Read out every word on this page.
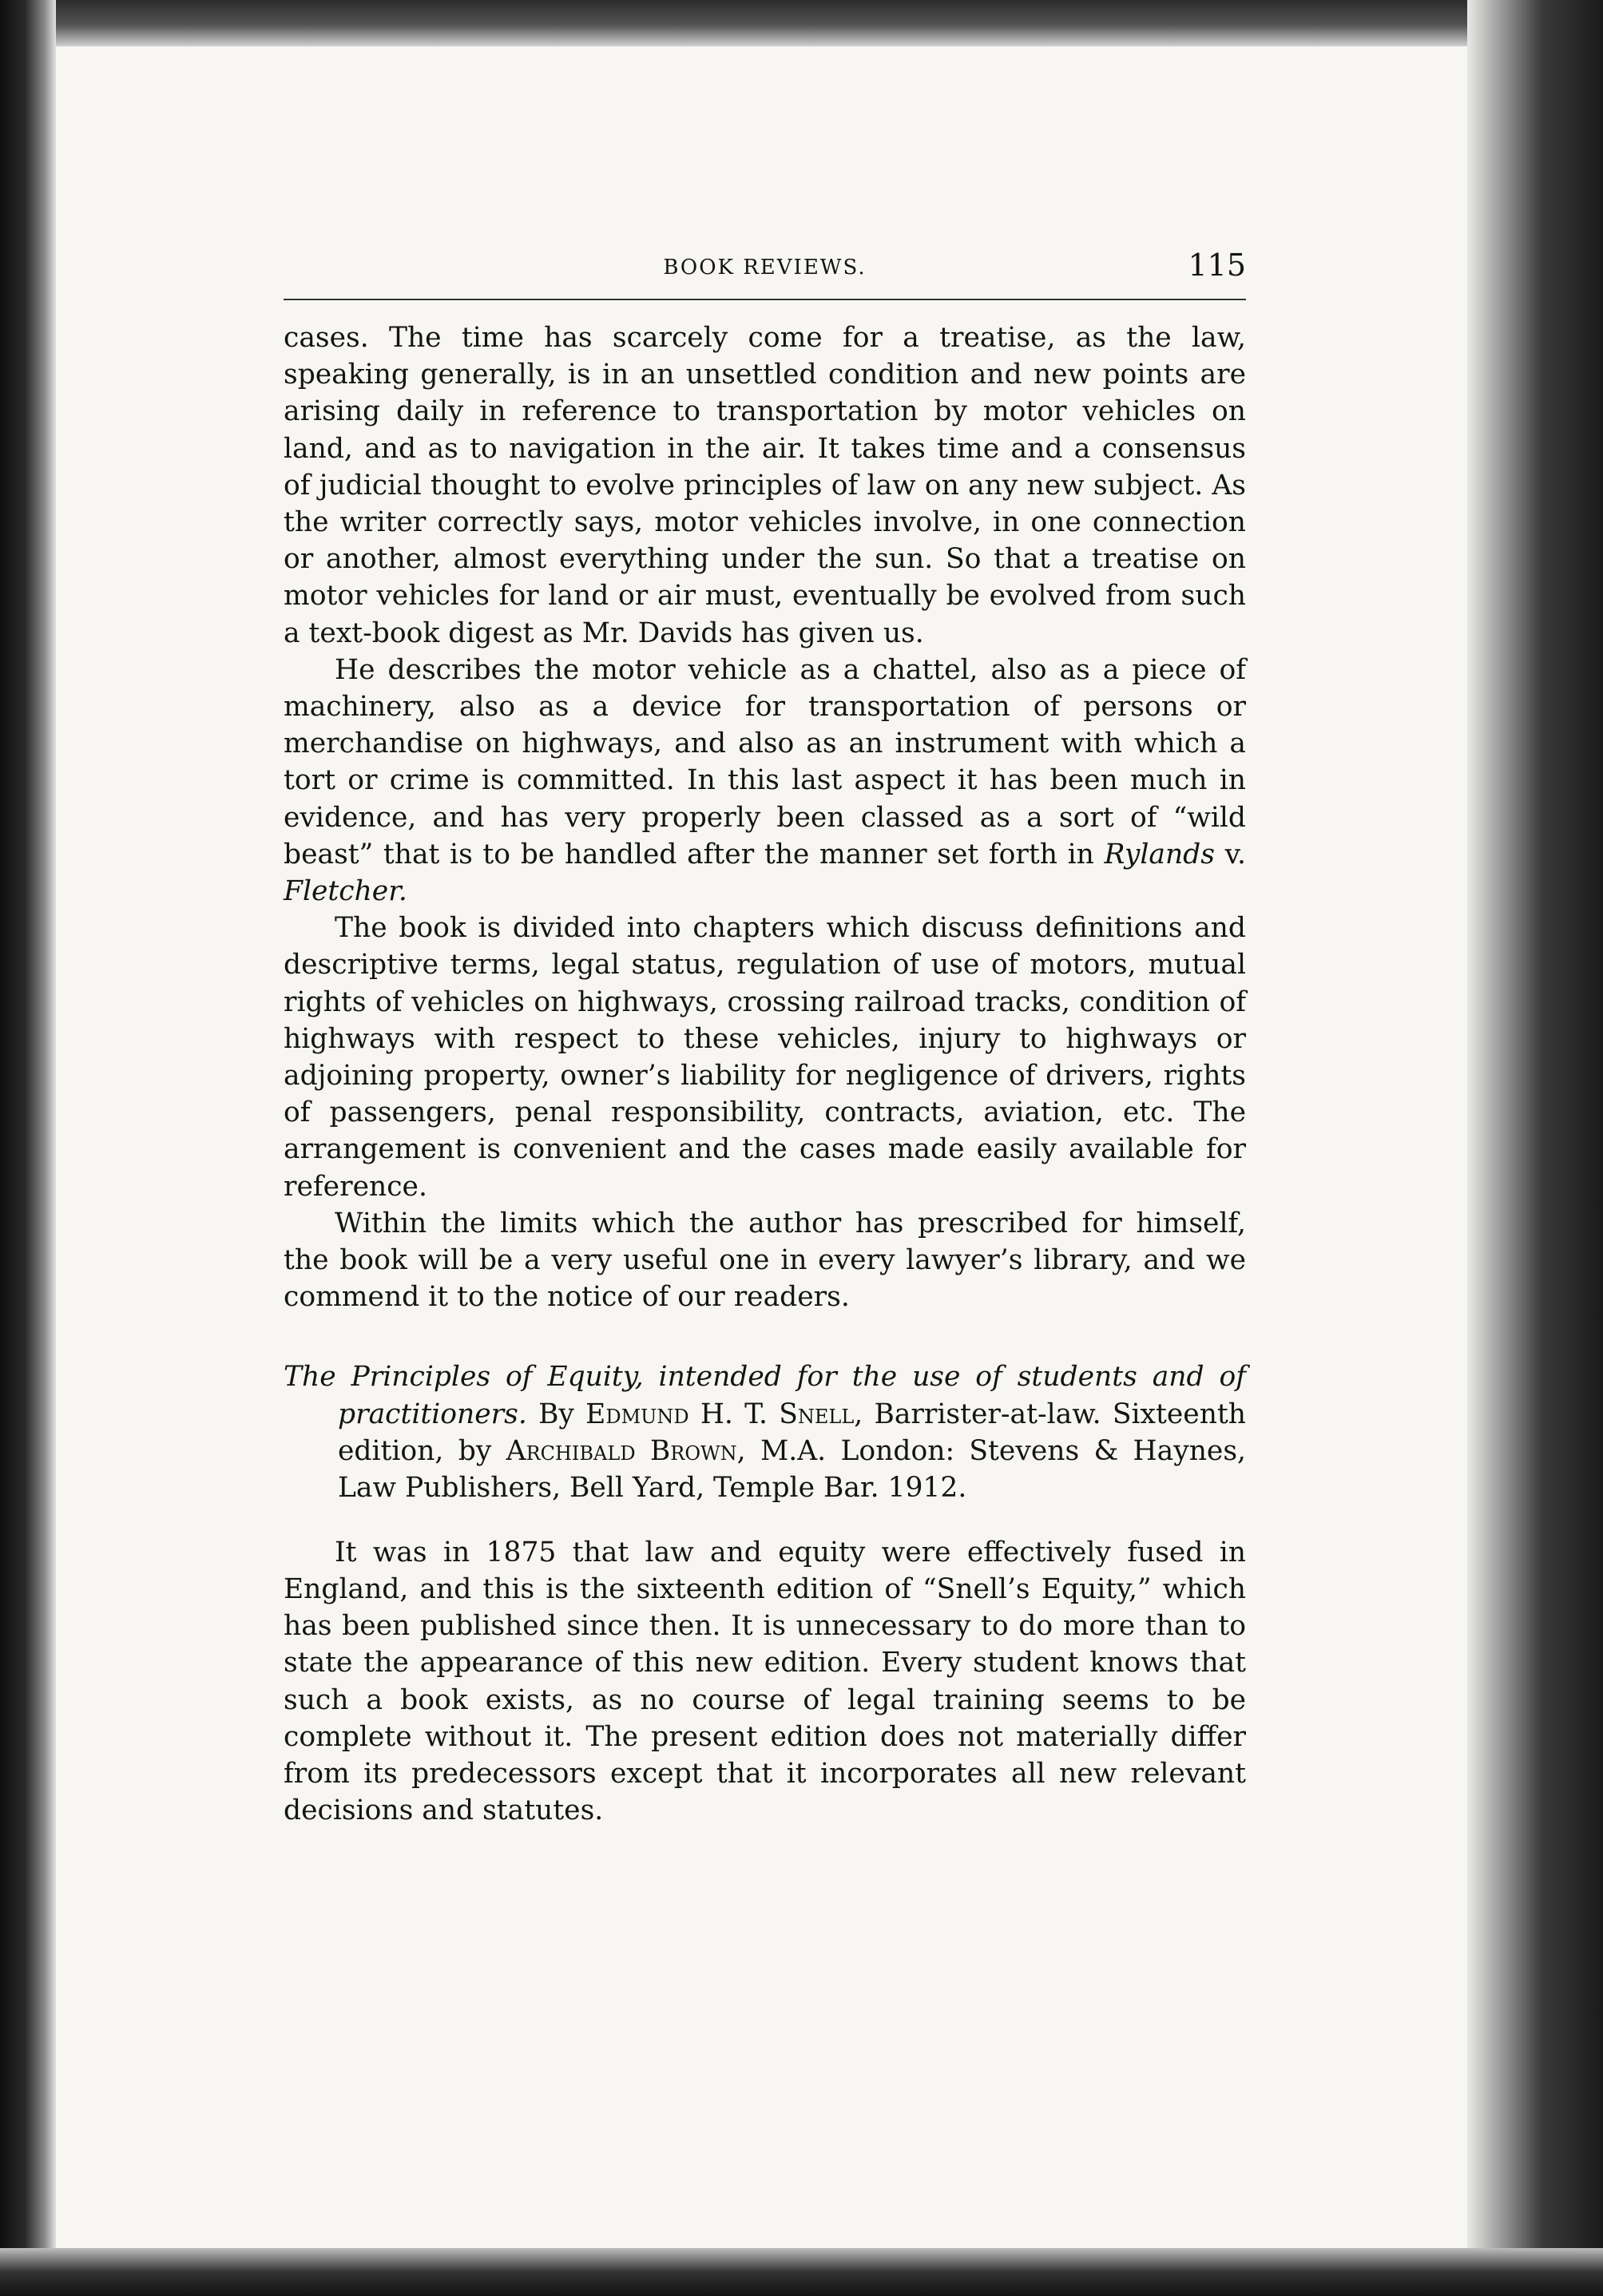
BOOK REVIEWS.	115

cases. The time has scarcely come for a treatise, as the law, speaking generally, is in an unsettled condition and new points are arising daily in reference to transportation by motor vehicles on land, and as to navigation in the air. It takes time and a consensus of judicial thought to evolve principles of law on any new subject. As the writer correctly says, motor vehicles involve, in one connection or another, almost everything under the sun. So that a treatise on motor vehicles for land or air must, eventually be evolved from such a text-book digest as Mr. Davids has given us.

He describes the motor vehicle as a chattel, also as a piece of machinery, also as a device for transportation of persons or merchandise on highways, and also as an instrument with which a tort or crime is committed. In this last aspect it has been much in evidence, and has very properly been classed as a sort of “wild beast” that is to be handled after the manner set forth in Rylands v. Fletcher.

The book is divided into chapters which discuss definitions and descriptive terms, legal status, regulation of use of motors, mutual rights of vehicles on highways, crossing railroad tracks, condition of highways with respect to these vehicles, injury to highways or adjoining property, owner’s liability for negligence of drivers, rights of passengers, penal responsibility, contracts, aviation, etc. The arrangement is convenient and the cases made easily available for reference.

Within the limits which the author has prescribed for himself, the book will be a very useful one in every lawyer’s library, and we commend it to the notice of our readers.

The Principles of Equity, intended for the use of students and of practitioners. By Edmund H. T. Snell, Barrister-at-law. Sixteenth edition, by Archibald Brown, M.A. London: Stevens & Haynes, Law Publishers, Bell Yard, Temple Bar. 1912.

It was in 1875 that law and equity were effectively fused in England, and this is the sixteenth edition of “Snell’s Equity,” which has been published since then. It is unnecessary to do more than to state the appearance of this new edition. Every student knows that such a book exists, as no course of legal training seems to be complete without it. The present edition does not materially differ from its predecessors except that it incorporates all new relevant decisions and statutes.
